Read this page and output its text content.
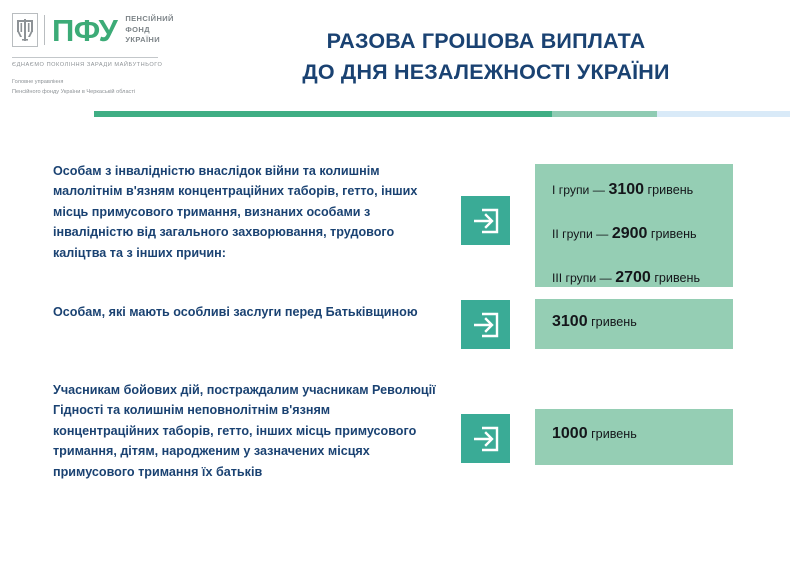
ПФУ ПЕНСІЙНИЙ
ФОНД
УКРАЇНИ
ЄДНАЄМО ПОКОЛІННЯ ЗАРАДИ МАЙБУТНЬОГО
Головне управління
Пенсійного фонду України в Черкаській області
РАЗОВА ГРОШОВА ВИПЛАТА
ДО ДНЯ НЕЗАЛЕЖНОСТІ УКРАЇНИ
Особам з інвалідністю внаслідок війни та колишнім малолітнім в'язням концентраційних таборів, гетто, інших місць примусового тримання, визнаних особами з інвалідністю від загального захворювання, трудового каліцтва та з інших причин:
I групи — 3100 гривень
II групи — 2900 гривень
III групи — 2700 гривень
Особам, які мають особливі заслуги перед Батьківщиною
3100 гривень
Учасникам бойових дій, постраждалим учасникам Революції Гідності та колишнім неповнолітнім в'язням концентраційних таборів, гетто, інших місць примусового тримання, дітям, народженим у зазначених місцях примусового тримання їх батьків
1000 гривень
